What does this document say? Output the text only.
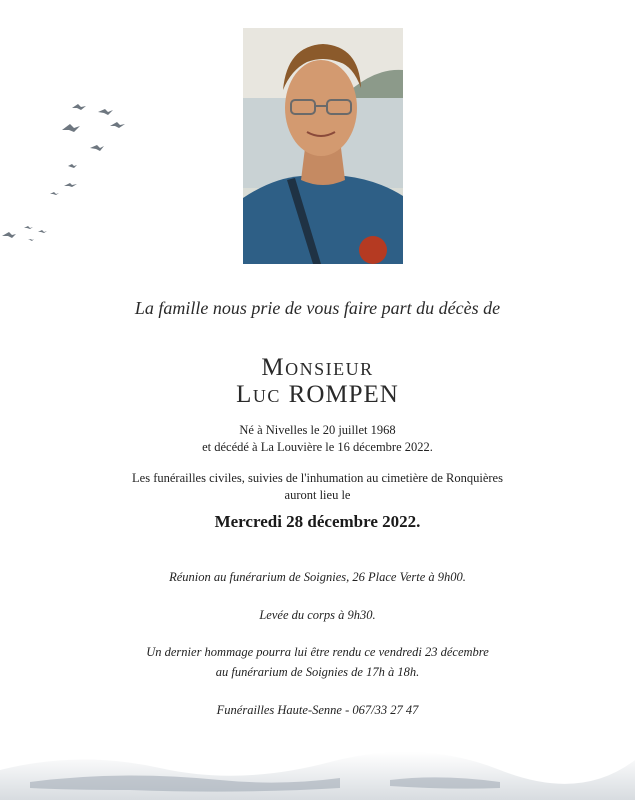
La famille nous prie de vous faire part du décès de
Monsieur
Luc ROMPEN
Né à Nivelles le 20 juillet 1968
et décédé à La Louvière le 16 décembre 2022.
Les funérailles civiles, suivies de l'inhumation au cimetière de Ronquières
auront lieu le
Mercredi 28 décembre 2022.
Réunion au funérarium de Soignies, 26 Place Verte à 9h00.
Levée du corps à 9h30.
Un dernier hommage pourra lui être rendu ce vendredi 23 décembre
au funérarium de Soignies de 17h à 18h.
Funérailles Haute-Senne - 067/33 27 47
